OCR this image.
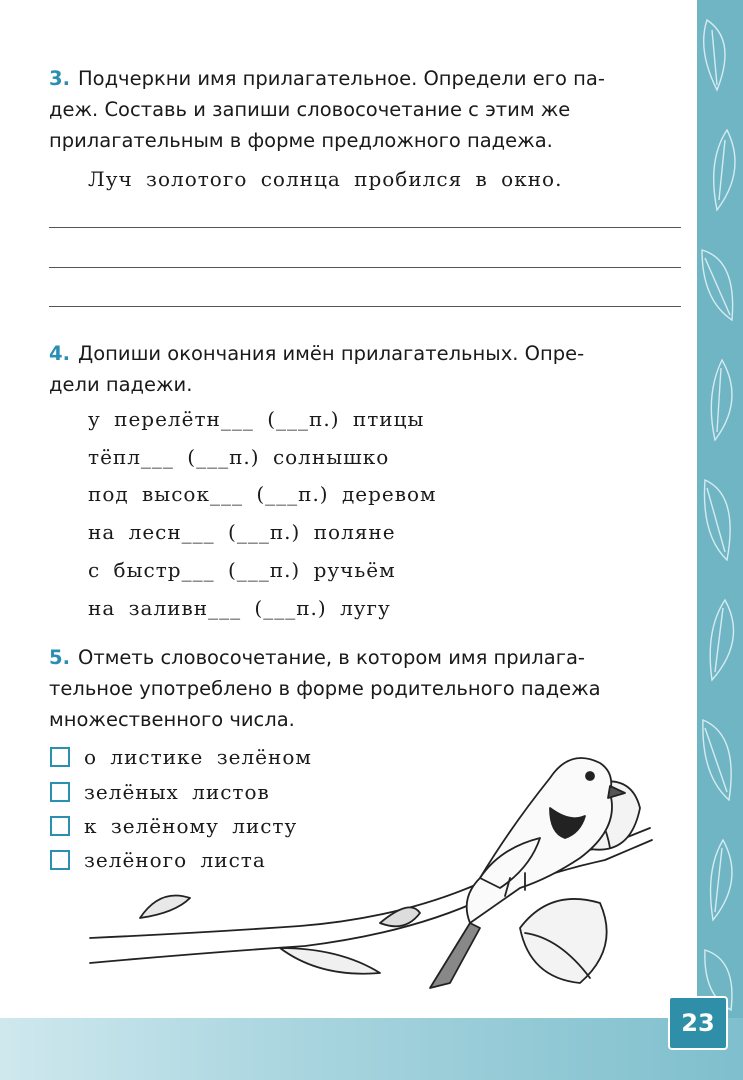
23
3. Подчеркни имя прилагательное. Определи его па-
деж. Составь и запиши словосочетание с этим же
прилагательным в форме предложного падежа.
Луч золотого солнца пробился в окно.
4. Допиши окончания имён прилагательных. Опре-
дели падежи.
у перелётн___ (___п.) птицы
тёпл___ (___п.) солнышко
под высок___ (___п.) деревом
на лесн___ (___п.) поляне
с быстр___ (___п.) ручьём
на заливн___ (___п.) лугу
5. Отметь словосочетание, в котором имя прилага-
тельное употреблено в форме родительного падежа
множественного числа.
о листике зелёном
зелёных листов
к зелёному листу
зелёного листа
